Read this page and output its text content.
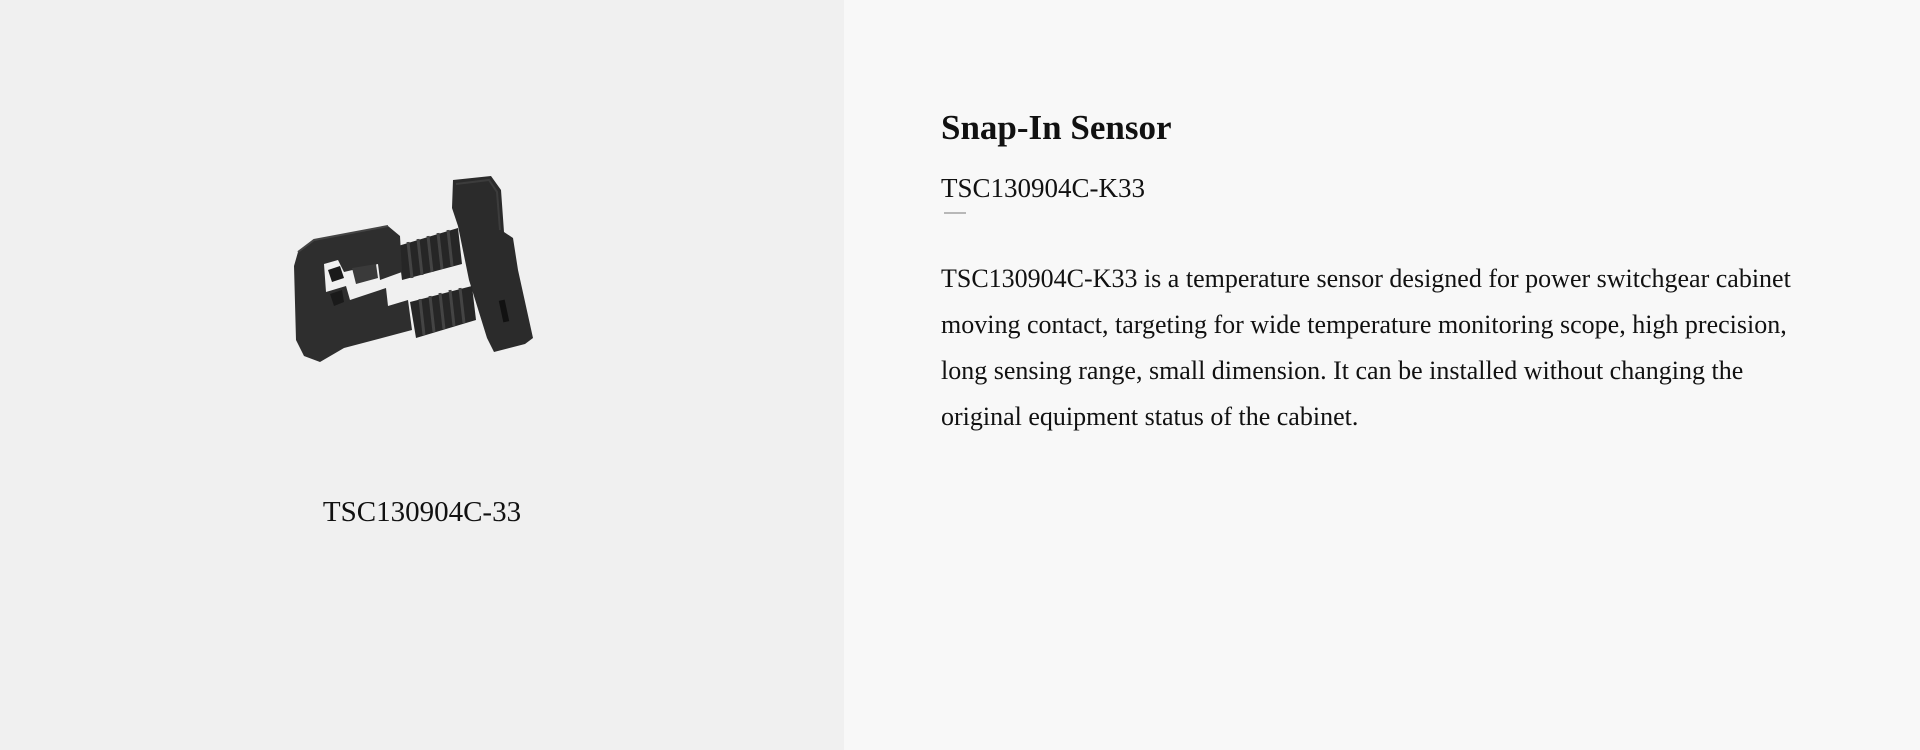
TSC130904C-33
Snap-In Sensor
TSC130904C-K33
TSC130904C-K33 is a temperature sensor designed for power switchgear cabinet moving contact, targeting for wide temperature monitoring scope, high precision, long sensing range, small dimension. It can be installed without changing the original equipment status of the cabinet.
